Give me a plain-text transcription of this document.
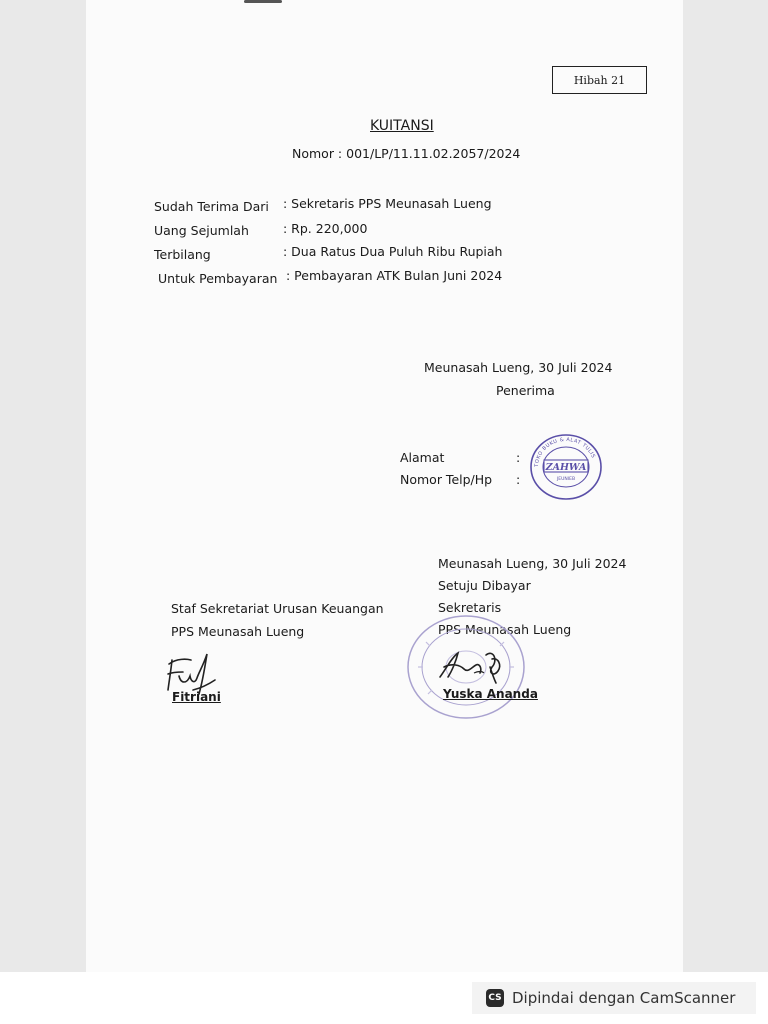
Hibah 21
KUITANSI
Nomor : 001/LP/11.11.02.2057/2024
Sudah Terima Dari : Sekretaris PPS Meunasah Lueng
Uang Sejumlah	: Rp. 220,000
Terbilang	: Dua Ratus Dua Puluh Ribu Rupiah
Untuk Pembayaran : Pembayaran ATK Bulan Juni 2024
Meunasah Lueng, 30 Juli 2024
Penerima
Alamat	:
Nomor Telp/Hp :
TOKO BUKU & ALAT TULIS
ZAHWA
JEUNIEB
Meunasah Lueng, 30 Juli 2024
Setuju Dibayar
Sekretaris
PPS Meunasah Lueng
Staf Sekretariat Urusan Keuangan
PPS Meunasah Lueng
Fitriani	Yuska Ananda
CS Dipindai dengan CamScanner
